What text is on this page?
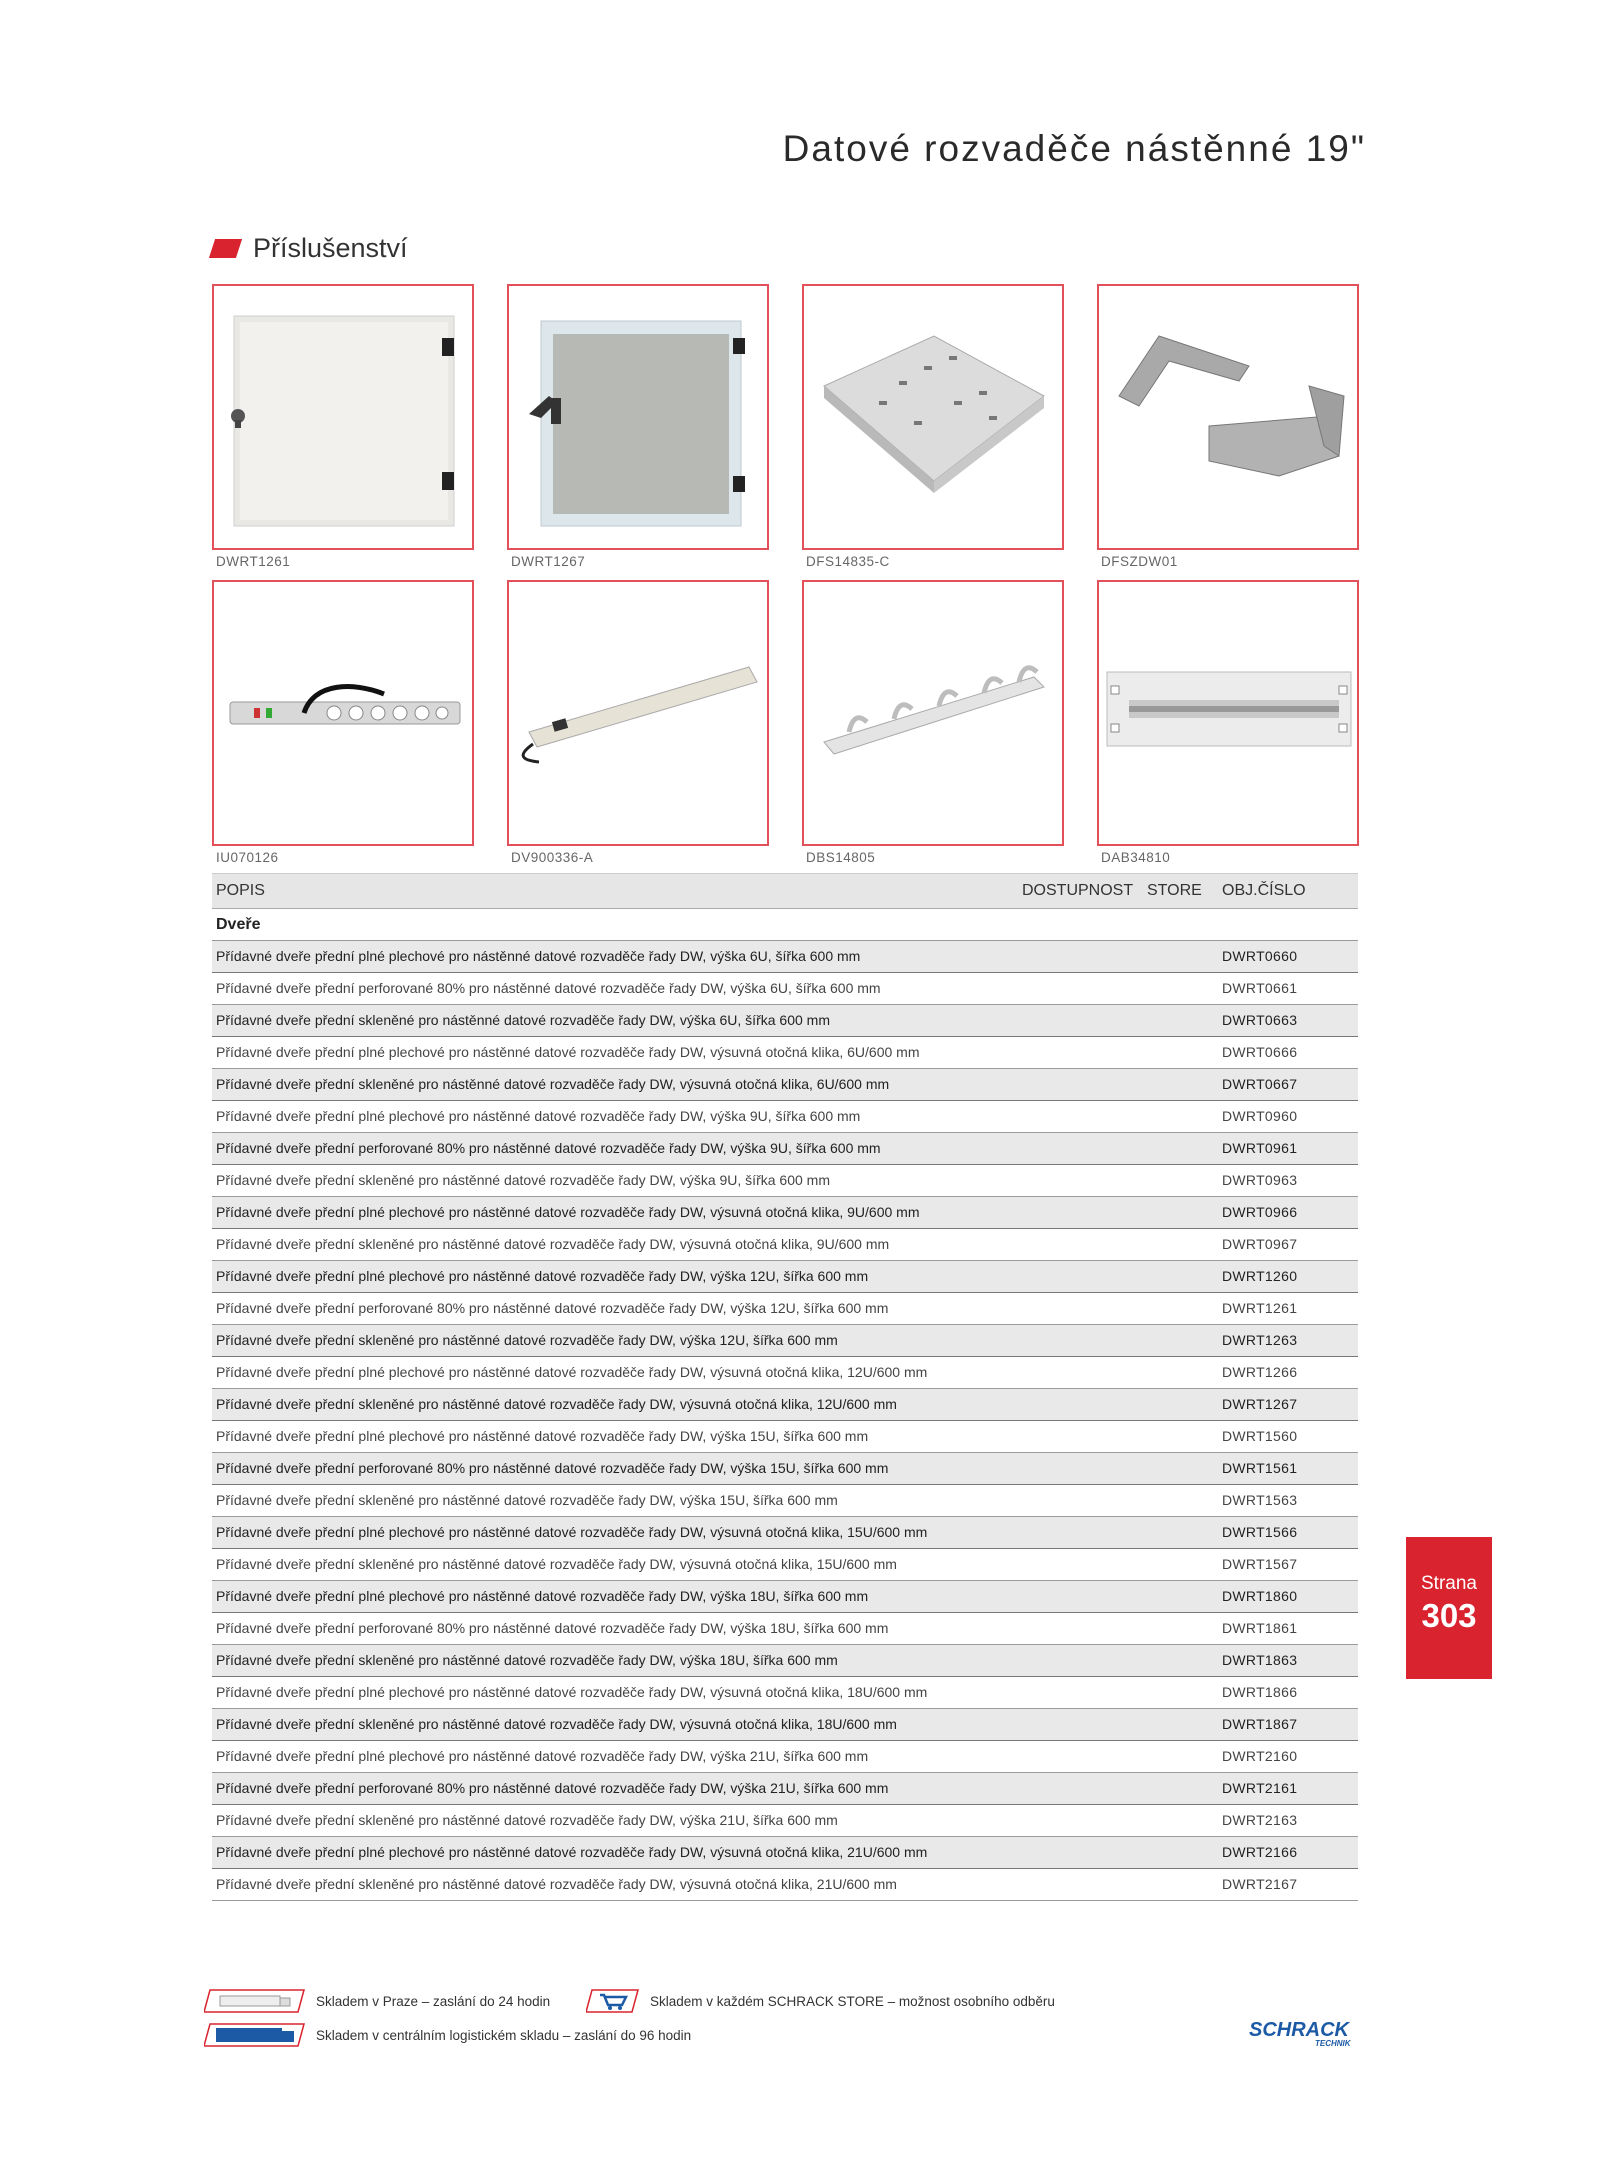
Datové rozvaděče nástěnné 19"
Příslušenství
DWRT1261	DWRT1267	DFS14835-C	DFSZDW01
IU070126	DV900336-A	DBS14805	DAB34810
POPIS	DOSTUPNOST STORE OBJ.ČÍSLO
Dveře
Přídavné dveře přední plné plechové pro nástěnné datové rozvaděče řady DW, výška 6U, šířka 600 mm	DWRT0660
Přídavné dveře přední perforované 80% pro nástěnné datové rozvaděče řady DW, výška 6U, šířka 600 mm	DWRT0661
Přídavné dveře přední skleněné pro nástěnné datové rozvaděče řady DW, výška 6U, šířka 600 mm	DWRT0663
Přídavné dveře přední plné plechové pro nástěnné datové rozvaděče řady DW, výsuvná otočná klika, 6U/600 mm	DWRT0666
Přídavné dveře přední skleněné pro nástěnné datové rozvaděče řady DW, výsuvná otočná klika, 6U/600 mm	DWRT0667
Přídavné dveře přední plné plechové pro nástěnné datové rozvaděče řady DW, výška 9U, šířka 600 mm	DWRT0960
Přídavné dveře přední perforované 80% pro nástěnné datové rozvaděče řady DW, výška 9U, šířka 600 mm	DWRT0961
Přídavné dveře přední skleněné pro nástěnné datové rozvaděče řady DW, výška 9U, šířka 600 mm	DWRT0963
Přídavné dveře přední plné plechové pro nástěnné datové rozvaděče řady DW, výsuvná otočná klika, 9U/600 mm	DWRT0966
Přídavné dveře přední skleněné pro nástěnné datové rozvaděče řady DW, výsuvná otočná klika, 9U/600 mm	DWRT0967
Přídavné dveře přední plné plechové pro nástěnné datové rozvaděče řady DW, výška 12U, šířka 600 mm	DWRT1260
Přídavné dveře přední perforované 80% pro nástěnné datové rozvaděče řady DW, výška 12U, šířka 600 mm	DWRT1261
Přídavné dveře přední skleněné pro nástěnné datové rozvaděče řady DW, výška 12U, šířka 600 mm	DWRT1263
Přídavné dveře přední plné plechové pro nástěnné datové rozvaděče řady DW, výsuvná otočná klika, 12U/600 mm	DWRT1266
Přídavné dveře přední skleněné pro nástěnné datové rozvaděče řady DW, výsuvná otočná klika, 12U/600 mm	DWRT1267
Přídavné dveře přední plné plechové pro nástěnné datové rozvaděče řady DW, výška 15U, šířka 600 mm	DWRT1560
Přídavné dveře přední perforované 80% pro nástěnné datové rozvaděče řady DW, výška 15U, šířka 600 mm	DWRT1561
Přídavné dveře přední skleněné pro nástěnné datové rozvaděče řady DW, výška 15U, šířka 600 mm	DWRT1563
Přídavné dveře přední plné plechové pro nástěnné datové rozvaděče řady DW, výsuvná otočná klika, 15U/600 mm	DWRT1566
Přídavné dveře přední skleněné pro nástěnné datové rozvaděče řady DW, výsuvná otočná klika, 15U/600 mm	DWRT1567
Přídavné dveře přední plné plechové pro nástěnné datové rozvaděče řady DW, výška 18U, šířka 600 mm	DWRT1860
Přídavné dveře přední perforované 80% pro nástěnné datové rozvaděče řady DW, výška 18U, šířka 600 mm	DWRT1861
Přídavné dveře přední skleněné pro nástěnné datové rozvaděče řady DW, výška 18U, šířka 600 mm	DWRT1863
Přídavné dveře přední plné plechové pro nástěnné datové rozvaděče řady DW, výsuvná otočná klika, 18U/600 mm	DWRT1866
Přídavné dveře přední skleněné pro nástěnné datové rozvaděče řady DW, výsuvná otočná klika, 18U/600 mm	DWRT1867
Přídavné dveře přední plné plechové pro nástěnné datové rozvaděče řady DW, výška 21U, šířka 600 mm	DWRT2160
Přídavné dveře přední perforované 80% pro nástěnné datové rozvaděče řady DW, výška 21U, šířka 600 mm	DWRT2161
Přídavné dveře přední skleněné pro nástěnné datové rozvaděče řady DW, výška 21U, šířka 600 mm	DWRT2163
Přídavné dveře přední plné plechové pro nástěnné datové rozvaděče řady DW, výsuvná otočná klika, 21U/600 mm	DWRT2166
Přídavné dveře přední skleněné pro nástěnné datové rozvaděče řady DW, výsuvná otočná klika, 21U/600 mm	DWRT2167
Strana
303
Skladem v Praze – zaslání do 24 hodin	Skladem v každém SCHRACK STORE – možnost osobního odběru
Skladem v centrálním logistickém skladu – zaslání do 96 hodin	SCHRACK
TECHNIK
